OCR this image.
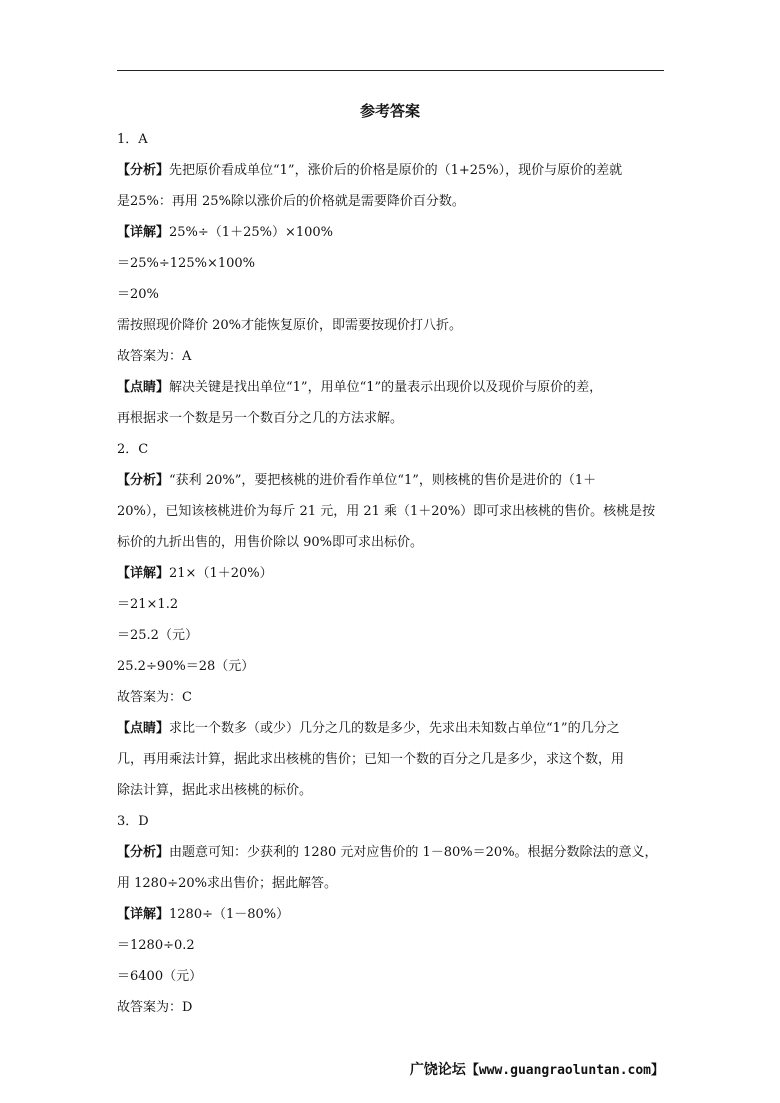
参考答案
1．A
【分析】先把原价看成单位“1”，涨价后的价格是原价的（1+25%），现价与原价的差就
是25%：再用 25%除以涨价后的价格就是需要降价百分数。
【详解】25%÷（1＋25%）×100%
＝25%÷125%×100%
＝20%
需按照现价降价 20%才能恢复原价，即需要按现价打八折。
故答案为：A
【点睛】解决关键是找出单位“1”，用单位“1”的量表示出现价以及现价与原价的差，
再根据求一个数是另一个数百分之几的方法求解。
2．C
【分析】“获利 20%”，要把核桃的进价看作单位“1”，则核桃的售价是进价的（1＋
20%），已知该核桃进价为每斤 21 元，用 21 乘（1＋20%）即可求出核桃的售价。核桃是按
标价的九折出售的，用售价除以 90%即可求出标价。
【详解】21×（1＋20%）
＝21×1.2
＝25.2（元）
25.2÷90%＝28（元）
故答案为：C
【点睛】求比一个数多（或少）几分之几的数是多少，先求出未知数占单位“1”的几分之
几，再用乘法计算，据此求出核桃的售价；已知一个数的百分之几是多少，求这个数，用
除法计算，据此求出核桃的标价。
3．D
【分析】由题意可知：少获利的 1280 元对应售价的 1－80%＝20%。根据分数除法的意义，
用 1280÷20%求出售价；据此解答。
【详解】1280÷（1－80%）
＝1280÷0.2
＝6400（元）
故答案为：D
广饶论坛【www.guangraoluntan.com】
